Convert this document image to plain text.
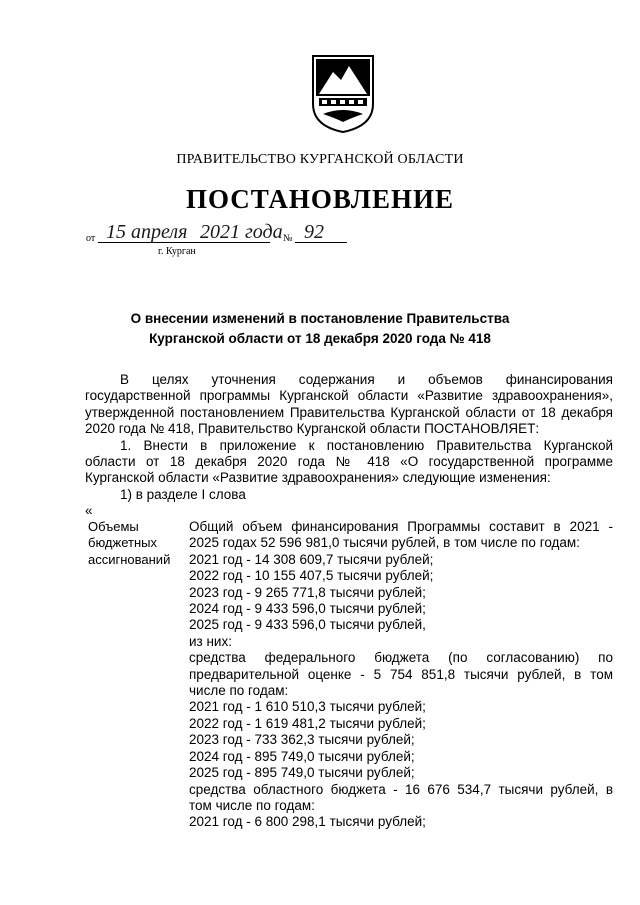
ПРАВИТЕЛЬСТВО КУРГАНСКОЙ ОБЛАСТИ
ПОСТАНОВЛЕНИЕ
от 15 апреля 2021 года № 92
г. Курган
О внесении изменений в постановление Правительства
Курганской области от 18 декабря 2020 года № 418
В целях уточнения содержания и объемов финансирования
государственной программы Курганской области «Развитие здравоохранения»,
утвержденной постановлением Правительства Курганской области от 18 декабря
2020 года № 418, Правительство Курганской области ПОСТАНОВЛЯЕТ:
1. Внести в приложение к постановлению Правительства Курганской
области от 18 декабря 2020 года № 418 «О государственной программе
Курганской области «Развитие здравоохранения» следующие изменения:
1) в разделе I слова
«
Объемы
бюджетных
ассигнований
Общий объем финансирования Программы составит в 2021 -
2025 годах 52 596 981,0 тысячи рублей, в том числе по годам:
2021 год - 14 308 609,7 тысячи рублей;
2022 год - 10 155 407,5 тысячи рублей;
2023 год - 9 265 771,8 тысячи рублей;
2024 год - 9 433 596,0 тысячи рублей;
2025 год - 9 433 596,0 тысячи рублей,
из них:
средства федерального бюджета (по согласованию) по
предварительной оценке - 5 754 851,8 тысячи рублей, в том
числе по годам:
2021 год - 1 610 510,3 тысячи рублей;
2022 год - 1 619 481,2 тысячи рублей;
2023 год - 733 362,3 тысячи рублей;
2024 год - 895 749,0 тысячи рублей;
2025 год - 895 749,0 тысячи рублей;
средства областного бюджета - 16 676 534,7 тысячи рублей, в
том числе по годам:
2021 год - 6 800 298,1 тысячи рублей;
